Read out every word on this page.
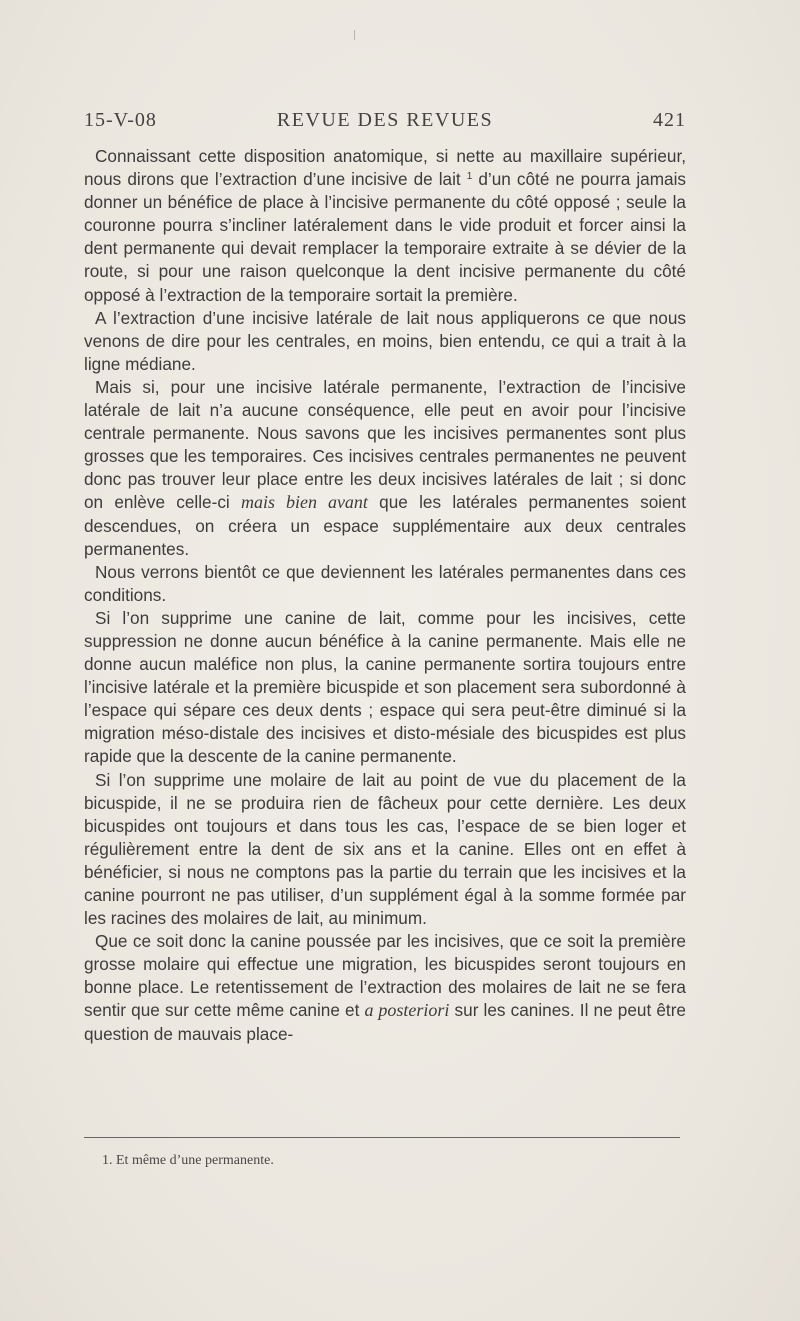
15-V-08	REVUE DES REVUES	421

Connaissant cette disposition anatomique, si nette au maxillaire supérieur, nous dirons que l’extraction d’une incisive de lait $^1$ d’un côté ne pourra jamais donner un bénéfice de place à l’incisive permanente du côté opposé ; seule la couronne pourra s’incliner latéralement dans le vide produit et forcer ainsi la dent permanente qui devait remplacer la temporaire extraite à se dévier de la route, si pour une raison quelconque la dent incisive permanente du côté opposé à l’extraction de la temporaire sortait la première.

A l’extraction d’une incisive latérale de lait nous appliquerons ce que nous venons de dire pour les centrales, en moins, bien entendu, ce qui a trait à la ligne médiane.

Mais si, pour une incisive latérale permanente, l’extraction de l’incisive latérale de lait n’a aucune conséquence, elle peut en avoir pour l’incisive centrale permanente. Nous savons que les incisives permanentes sont plus grosses que les temporaires. Ces incisives centrales permanentes ne peuvent donc pas trouver leur place entre les deux incisives latérales de lait ; si donc on enlève celle-ci mais bien avant que les latérales permanentes soient descendues, on créera un espace supplémentaire aux deux centrales permanentes.

Nous verrons bientôt ce que deviennent les latérales permanentes dans ces conditions.

Si l’on supprime une canine de lait, comme pour les incisives, cette suppression ne donne aucun bénéfice à la canine permanente. Mais elle ne donne aucun maléfice non plus, la canine permanente sortira toujours entre l’incisive latérale et la première bicuspide et son placement sera subordonné à l’espace qui sépare ces deux dents ; espace qui sera peut-être diminué si la migration méso-distale des incisives et disto-mésiale des bicuspides est plus rapide que la descente de la canine permanente.

Si l’on supprime une molaire de lait au point de vue du placement de la bicuspide, il ne se produira rien de fâcheux pour cette dernière. Les deux bicuspides ont toujours et dans tous les cas, l’espace de se bien loger et régulièrement entre la dent de six ans et la canine. Elles ont en effet à bénéficier, si nous ne comptons pas la partie du terrain que les incisives et la canine pourront ne pas utiliser, d’un supplément égal à la somme formée par les racines des molaires de lait, au minimum.

Que ce soit donc la canine poussée par les incisives, que ce soit la première grosse molaire qui effectue une migration, les bicuspides seront toujours en bonne place. Le retentissement de l’extraction des molaires de lait ne se fera sentir que sur cette même canine et a posteriori sur les canines. Il ne peut être question de mauvais place-

1. Et même d’une permanente.
